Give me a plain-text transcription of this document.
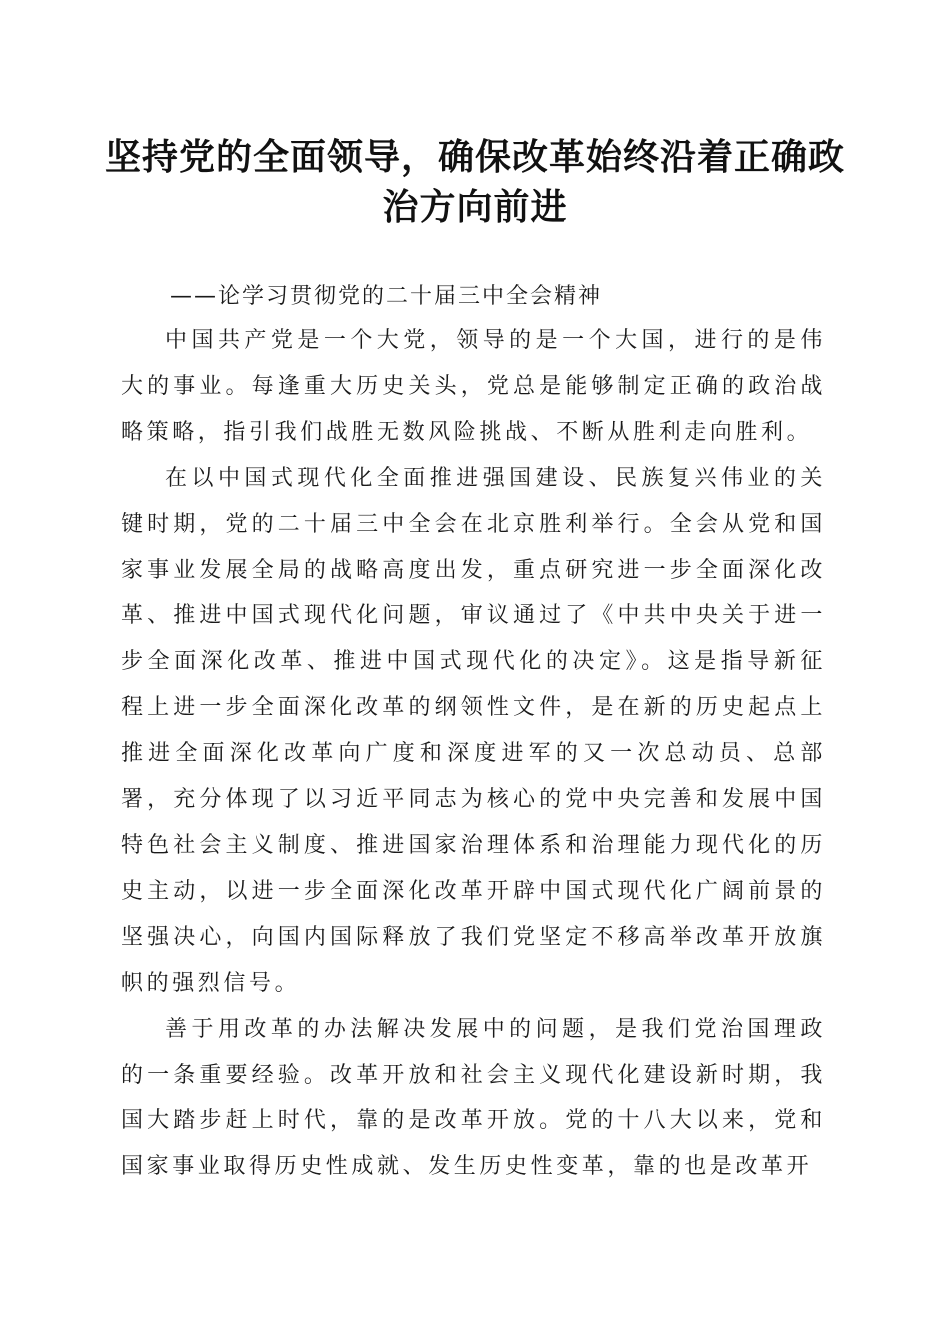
坚持党的全面领导，确保改革始终沿着正确政
治方向前进

——论学习贯彻党的二十届三中全会精神

中国共产党是一个大党，领导的是一个大国，进行的是伟大的事业。每逢重大历史关头，党总是能够制定正确的政治战略策略，指引我们战胜无数风险挑战、不断从胜利走向胜利。

在以中国式现代化全面推进强国建设、民族复兴伟业的关键时期，党的二十届三中全会在北京胜利举行。全会从党和国家事业发展全局的战略高度出发，重点研究进一步全面深化改革、推进中国式现代化问题，审议通过了《中共中央关于进一步全面深化改革、推进中国式现代化的决定》。这是指导新征程上进一步全面深化改革的纲领性文件，是在新的历史起点上推进全面深化改革向广度和深度进军的又一次总动员、总部署，充分体现了以习近平同志为核心的党中央完善和发展中国特色社会主义制度、推进国家治理体系和治理能力现代化的历史主动，以进一步全面深化改革开辟中国式现代化广阔前景的坚强决心，向国内国际释放了我们党坚定不移高举改革开放旗帜的强烈信号。

善于用改革的办法解决发展中的问题，是我们党治国理政的一条重要经验。改革开放和社会主义现代化建设新时期，我国大踏步赶上时代，靠的是改革开放。党的十八大以来，党和国家事业取得历史性成就、发生历史性变革，靠的也是改革开
